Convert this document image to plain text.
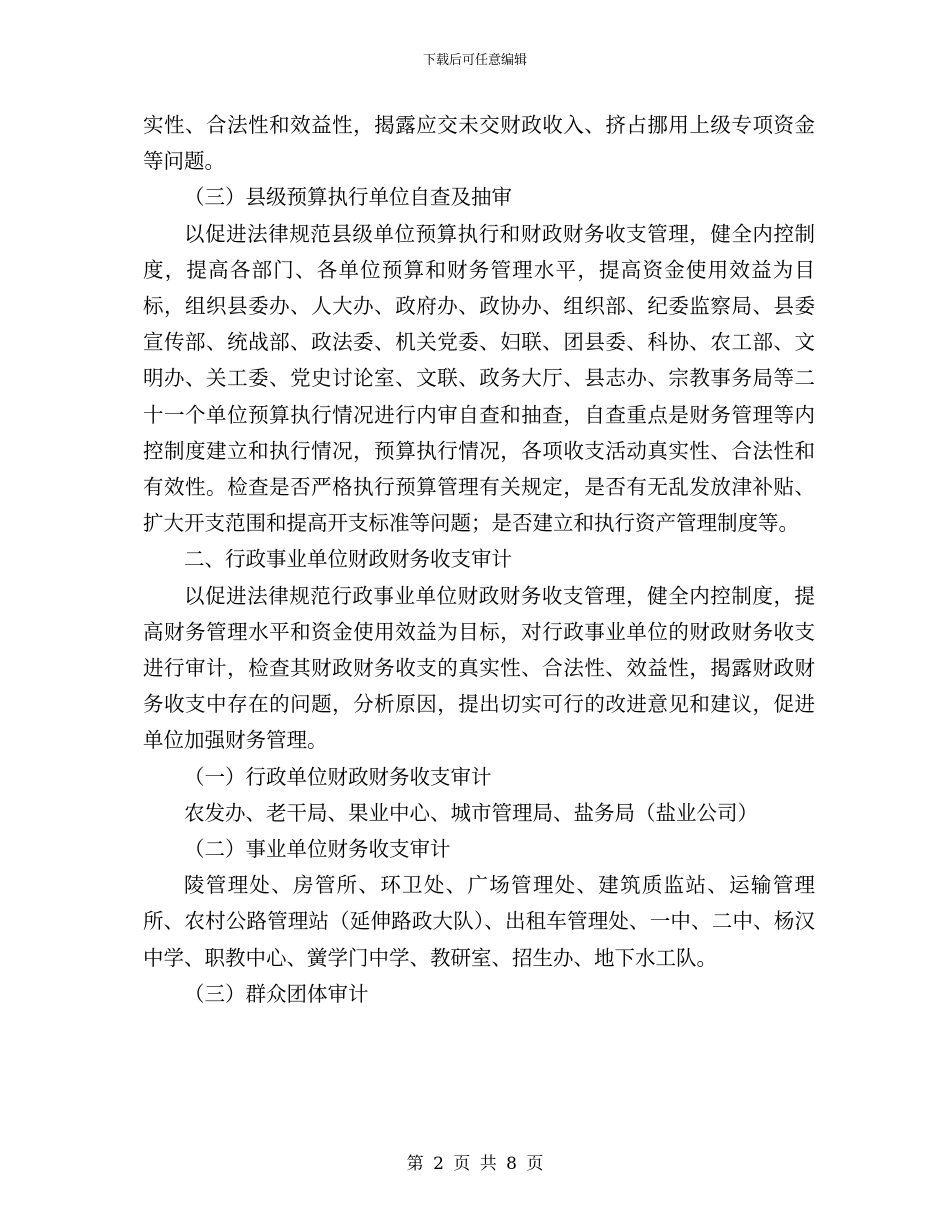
下载后可任意编辑

实性、合法性和效益性，揭露应交未交财政收入、挤占挪用上级专项资金等问题。

（三）县级预算执行单位自查及抽审

以促进法律规范县级单位预算执行和财政财务收支管理，健全内控制度，提高各部门、各单位预算和财务管理水平，提高资金使用效益为目标，组织县委办、人大办、政府办、政协办、组织部、纪委监察局、县委宣传部、统战部、政法委、机关党委、妇联、团县委、科协、农工部、文明办、关工委、党史讨论室、文联、政务大厅、县志办、宗教事务局等二十一个单位预算执行情况进行内审自查和抽查，自查重点是财务管理等内控制度建立和执行情况，预算执行情况，各项收支活动真实性、合法性和有效性。检查是否严格执行预算管理有关规定，是否有无乱发放津补贴、扩大开支范围和提高开支标准等问题；是否建立和执行资产管理制度等。

二、行政事业单位财政财务收支审计

以促进法律规范行政事业单位财政财务收支管理，健全内控制度，提高财务管理水平和资金使用效益为目标，对行政事业单位的财政财务收支进行审计，检查其财政财务收支的真实性、合法性、效益性，揭露财政财务收支中存在的问题，分析原因，提出切实可行的改进意见和建议，促进单位加强财务管理。

（一）行政单位财政财务收支审计

农发办、老干局、果业中心、城市管理局、盐务局（盐业公司）

（二）事业单位财务收支审计

陵管理处、房管所、环卫处、广场管理处、建筑质监站、运输管理所、农村公路管理站（延伸路政大队）、出租车管理处、一中、二中、杨汉中学、职教中心、黉学门中学、教研室、招生办、地下水工队。

（三）群众团体审计

第 2 页 共 8 页
